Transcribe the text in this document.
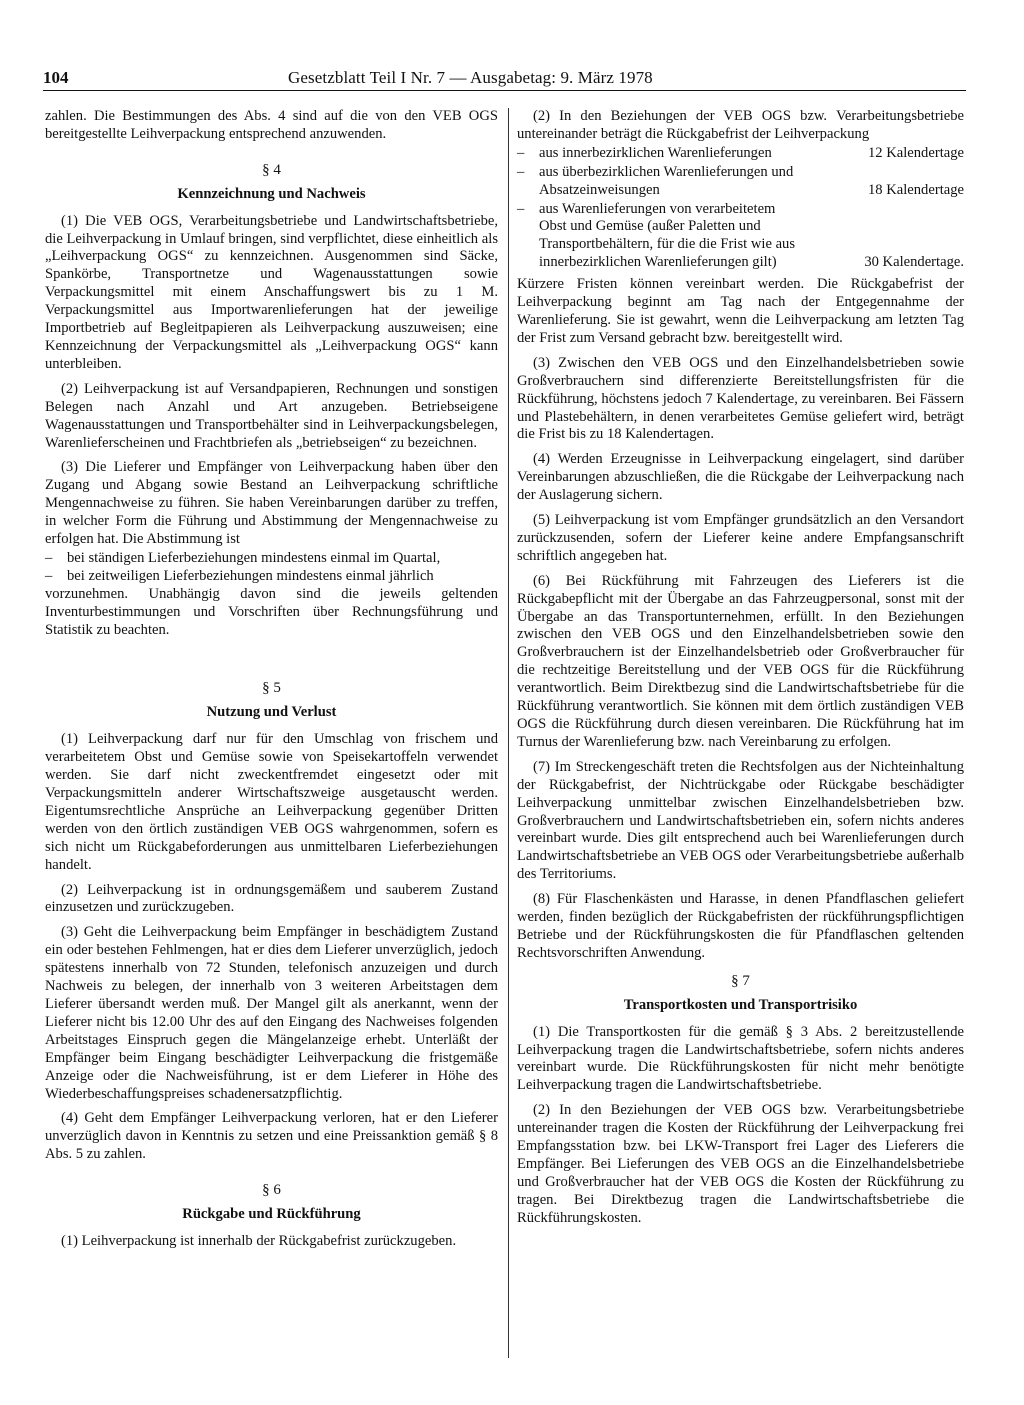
104	Gesetzblatt Teil I Nr. 7 — Ausgabetag: 9. März 1978

zahlen. Die Bestimmungen des Abs. 4 sind auf die von den VEB OGS bereitgestellte Leihverpackung entsprechend anzuwenden.

§ 4
Kennzeichnung und Nachweis

(1) Die VEB OGS, Verarbeitungsbetriebe und Landwirtschaftsbetriebe, die Leihverpackung in Umlauf bringen, sind verpflichtet, diese einheitlich als „Leihverpackung OGS“ zu kennzeichnen. Ausgenommen sind Säcke, Spankörbe, Transportnetze und Wagenausstattungen sowie Verpackungsmittel mit einem Anschaffungswert bis zu 1 M. Verpackungsmittel aus Importwarenlieferungen hat der jeweilige Importbetrieb auf Begleitpapieren als Leihverpackung auszuweisen; eine Kennzeichnung der Verpackungsmittel als „Leihverpackung OGS“ kann unterbleiben.

(2) Leihverpackung ist auf Versandpapieren, Rechnungen und sonstigen Belegen nach Anzahl und Art anzugeben. Betriebseigene Wagenausstattungen und Transportbehälter sind in Leihverpackungsbelegen, Warenlieferscheinen und Frachtbriefen als „betriebseigen“ zu bezeichnen.

(3) Die Lieferer und Empfänger von Leihverpackung haben über den Zugang und Abgang sowie Bestand an Leihverpackung schriftliche Mengennachweise zu führen. Sie haben Vereinbarungen darüber zu treffen, in welcher Form die Führung und Abstimmung der Mengennachweise zu erfolgen hat. Die Abstimmung ist

–	bei ständigen Lieferbeziehungen mindestens einmal im Quartal,
–	bei zeitweiligen Lieferbeziehungen mindestens einmal jährlich

vorzunehmen. Unabhängig davon sind die jeweils geltenden Inventurbestimmungen und Vorschriften über Rechnungsführung und Statistik zu beachten.

§ 5
Nutzung und Verlust

(1) Leihverpackung darf nur für den Umschlag von frischem und verarbeitetem Obst und Gemüse sowie von Speisekartoffeln verwendet werden. Sie darf nicht zweckentfremdet eingesetzt oder mit Verpackungsmitteln anderer Wirtschaftszweige ausgetauscht werden. Eigentumsrechtliche Ansprüche an Leihverpackung gegenüber Dritten werden von den örtlich zuständigen VEB OGS wahrgenommen, sofern es sich nicht um Rückgabeforderungen aus unmittelbaren Lieferbeziehungen handelt.

(2) Leihverpackung ist in ordnungsgemäßem und sauberem Zustand einzusetzen und zurückzugeben.

(3) Geht die Leihverpackung beim Empfänger in beschädigtem Zustand ein oder bestehen Fehlmengen, hat er dies dem Lieferer unverzüglich, jedoch spätestens innerhalb von 72 Stunden, telefonisch anzuzeigen und durch Nachweis zu belegen, der innerhalb von 3 weiteren Arbeitstagen dem Lieferer übersandt werden muß. Der Mangel gilt als anerkannt, wenn der Lieferer nicht bis 12.00 Uhr des auf den Eingang des Nachweises folgenden Arbeitstages Einspruch gegen die Mängelanzeige erhebt. Unterläßt der Empfänger beim Eingang beschädigter Leihverpackung die fristgemäße Anzeige oder die Nachweisführung, ist er dem Lieferer in Höhe des Wiederbeschaffungspreises schadenersatzpflichtig.

(4) Geht dem Empfänger Leihverpackung verloren, hat er den Lieferer unverzüglich davon in Kenntnis zu setzen und eine Preissanktion gemäß § 8 Abs. 5 zu zahlen.

§ 6
Rückgabe und Rückführung

(1) Leihverpackung ist innerhalb der Rückgabefrist zurückzugeben.

(2) In den Beziehungen der VEB OGS bzw. Verarbeitungsbetriebe untereinander beträgt die Rückgabefrist der Leihverpackung

–	aus innerbezirklichen Warenlieferungen	12 Kalendertage
–	aus überbezirklichen Warenlieferungen und Absatzeinweisungen	18 Kalendertage
–	aus Warenlieferungen von verarbeitetem Obst und Gemüse (außer Paletten und Transportbehältern, für die die Frist wie aus innerbezirklichen Warenlieferungen gilt)	30 Kalendertage.

Kürzere Fristen können vereinbart werden. Die Rückgabefrist der Leihverpackung beginnt am Tag nach der Entgegennahme der Warenlieferung. Sie ist gewahrt, wenn die Leihverpackung am letzten Tag der Frist zum Versand gebracht bzw. bereitgestellt wird.

(3) Zwischen den VEB OGS und den Einzelhandelsbetrieben sowie Großverbrauchern sind differenzierte Bereitstellungsfristen für die Rückführung, höchstens jedoch 7 Kalendertage, zu vereinbaren. Bei Fässern und Plastebehältern, in denen verarbeitetes Gemüse geliefert wird, beträgt die Frist bis zu 18 Kalendertagen.

(4) Werden Erzeugnisse in Leihverpackung eingelagert, sind darüber Vereinbarungen abzuschließen, die die Rückgabe der Leihverpackung nach der Auslagerung sichern.

(5) Leihverpackung ist vom Empfänger grundsätzlich an den Versandort zurückzusenden, sofern der Lieferer keine andere Empfangsanschrift schriftlich angegeben hat.

(6) Bei Rückführung mit Fahrzeugen des Lieferers ist die Rückgabepflicht mit der Übergabe an das Fahrzeugpersonal, sonst mit der Übergabe an das Transportunternehmen, erfüllt. In den Beziehungen zwischen den VEB OGS und den Einzelhandelsbetrieben sowie den Großverbrauchern ist der Einzelhandelsbetrieb oder Großverbraucher für die rechtzeitige Bereitstellung und der VEB OGS für die Rückführung verantwortlich. Beim Direktbezug sind die Landwirtschaftsbetriebe für die Rückführung verantwortlich. Sie können mit dem örtlich zuständigen VEB OGS die Rückführung durch diesen vereinbaren. Die Rückführung hat im Turnus der Warenlieferung bzw. nach Vereinbarung zu erfolgen.

(7) Im Streckengeschäft treten die Rechtsfolgen aus der Nichteinhaltung der Rückgabefrist, der Nichtrückgabe oder Rückgabe beschädigter Leihverpackung unmittelbar zwischen Einzelhandelsbetrieben bzw. Großverbrauchern und Landwirtschaftsbetrieben ein, sofern nichts anderes vereinbart wurde. Dies gilt entsprechend auch bei Warenlieferungen durch Landwirtschaftsbetriebe an VEB OGS oder Verarbeitungsbetriebe außerhalb des Territoriums.

(8) Für Flaschenkästen und Harasse, in denen Pfandflaschen geliefert werden, finden bezüglich der Rückgabefristen der rückführungspflichtigen Betriebe und der Rückführungskosten die für Pfandflaschen geltenden Rechtsvorschriften Anwendung.

§ 7
Transportkosten und Transportrisiko

(1) Die Transportkosten für die gemäß § 3 Abs. 2 bereitzustellende Leihverpackung tragen die Landwirtschaftsbetriebe, sofern nichts anderes vereinbart wurde. Die Rückführungskosten für nicht mehr benötigte Leihverpackung tragen die Landwirtschaftsbetriebe.

(2) In den Beziehungen der VEB OGS bzw. Verarbeitungsbetriebe untereinander tragen die Kosten der Rückführung der Leihverpackung frei Empfangsstation bzw. bei LKW-Transport frei Lager des Lieferers die Empfänger. Bei Lieferungen des VEB OGS an die Einzelhandelsbetriebe und Großverbraucher hat der VEB OGS die Kosten der Rückführung zu tragen. Bei Direktbezug tragen die Landwirtschaftsbetriebe die Rückführungskosten.
